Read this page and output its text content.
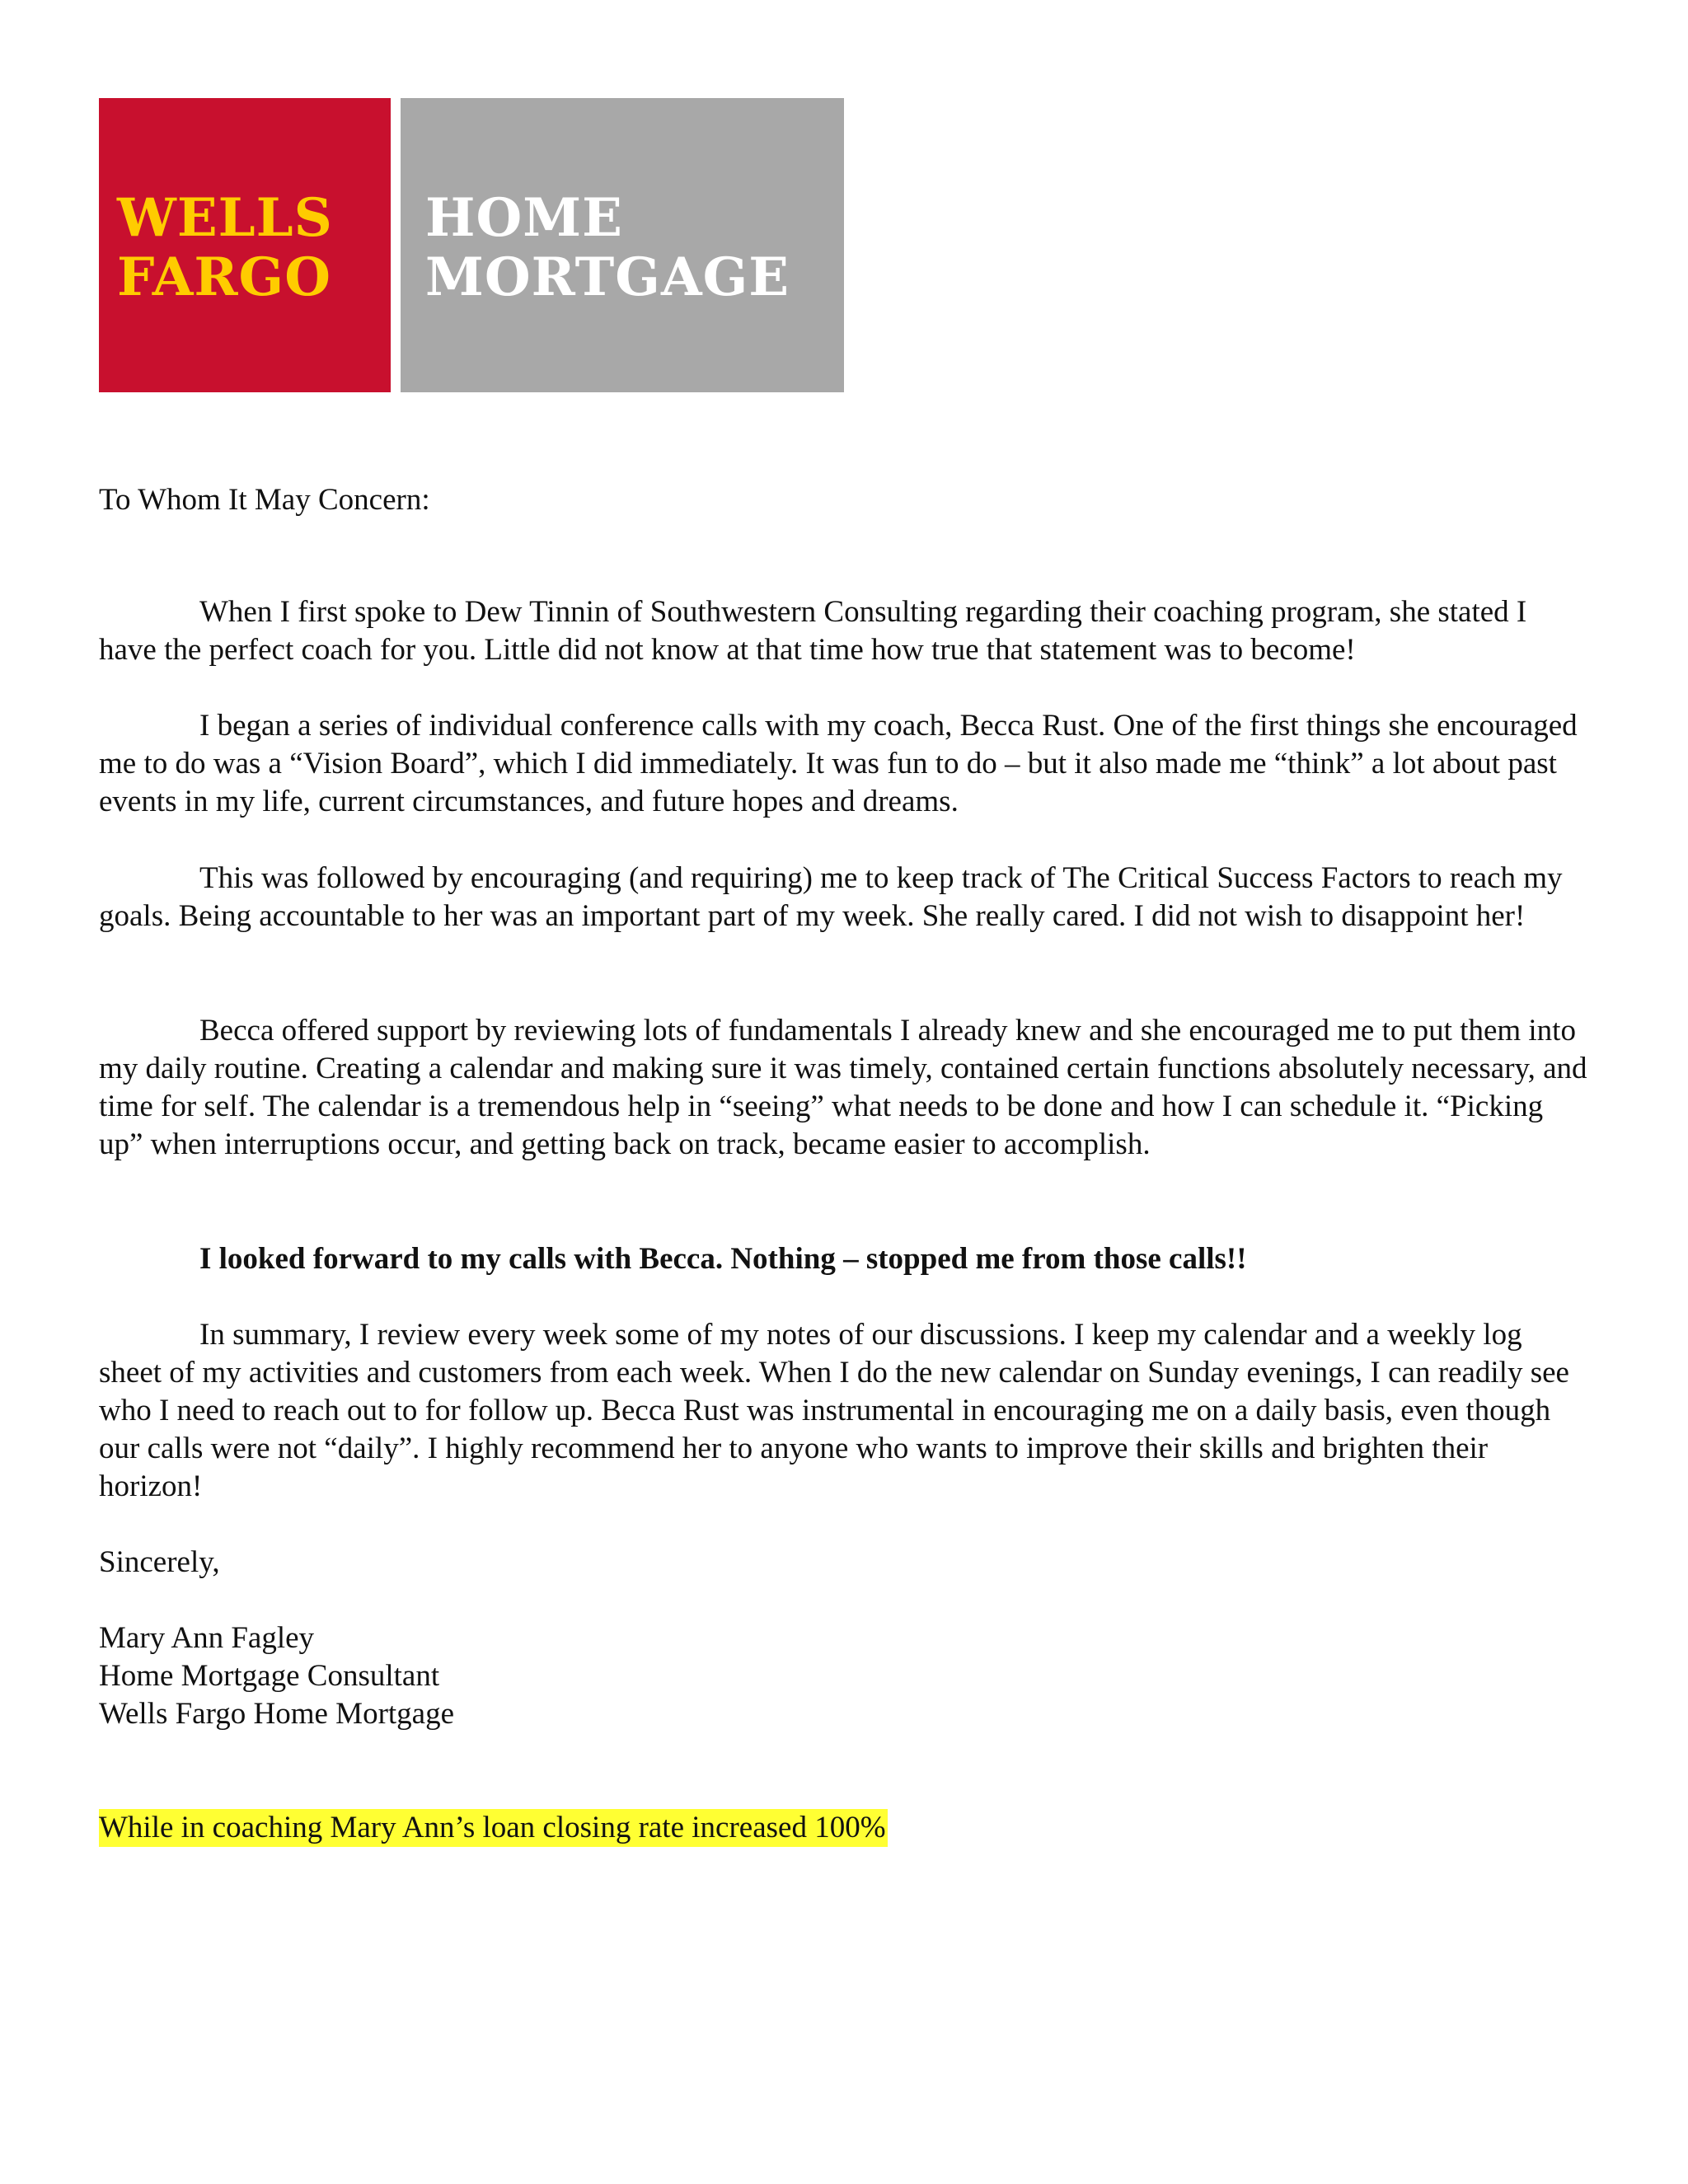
WELLS
FARGO
HOME
MORTGAGE
To Whom It May Concern:

When I first spoke to Dew Tinnin of Southwestern Consulting regarding their coaching program, she stated I have the perfect coach for you. Little did not know at that time how true that statement was to become!

I began a series of individual conference calls with my coach, Becca Rust. One of the first things she encouraged me to do was a “Vision Board”, which I did immediately. It was fun to do – but it also made me “think” a lot about past events in my life, current circumstances, and future hopes and dreams.

This was followed by encouraging (and requiring) me to keep track of The Critical Success Factors to reach my goals. Being accountable to her was an important part of my week. She really cared. I did not wish to disappoint her!

Becca offered support by reviewing lots of fundamentals I already knew and she encouraged me to put them into my daily routine. Creating a calendar and making sure it was timely, contained certain functions absolutely necessary, and time for self. The calendar is a tremendous help in “seeing” what needs to be done and how I can schedule it. “Picking up” when interruptions occur, and getting back on track, became easier to accomplish.

I looked forward to my calls with Becca. Nothing – stopped me from those calls!!

In summary, I review every week some of my notes of our discussions. I keep my calendar and a weekly log sheet of my activities and customers from each week. When I do the new calendar on Sunday evenings, I can readily see who I need to reach out to for follow up. Becca Rust was instrumental in encouraging me on a daily basis, even though our calls were not “daily”. I highly recommend her to anyone who wants to improve their skills and brighten their horizon!

Sincerely,
Mary Ann Fagley
Home Mortgage Consultant
Wells Fargo Home Mortgage
While in coaching Mary Ann’s loan closing rate increased 100%
